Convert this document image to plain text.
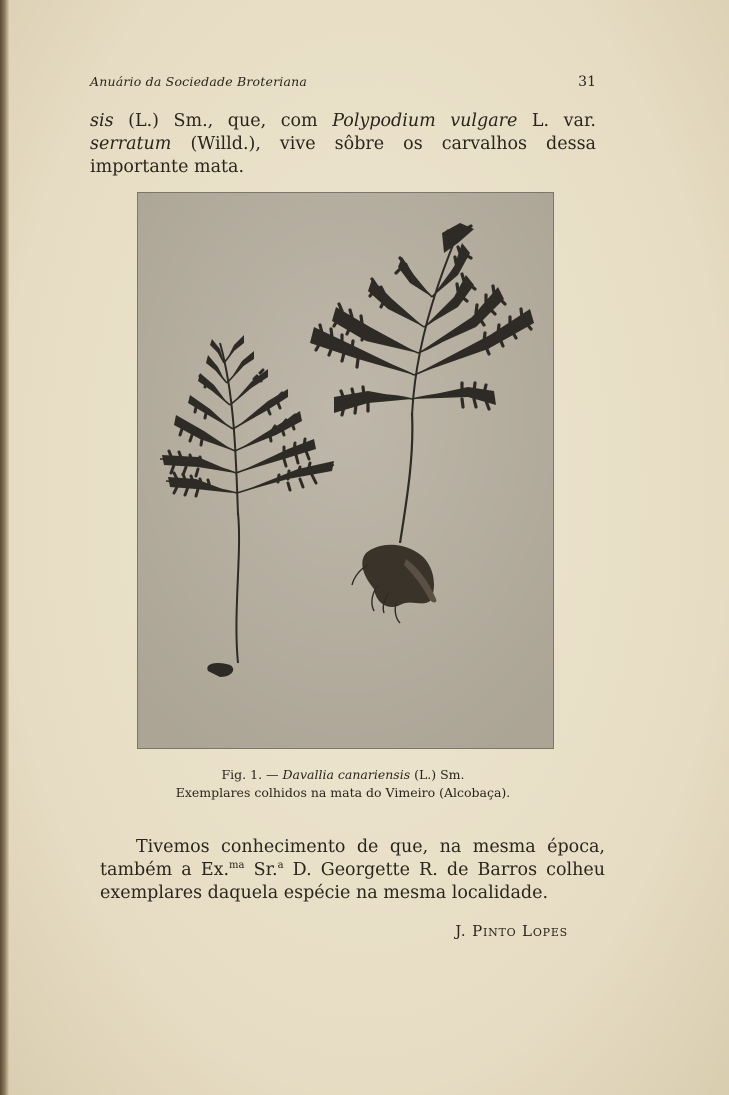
Anuário da Sociedade Broteriana	31
sis (L.) Sm., que, com Polypodium vulgare L. var. serratum (Willd.), vive sôbre os carvalhos dessa importante mata.
Fig. 1. — Davallia canariensis (L.) Sm.
Exemplares colhidos na mata do Vimeiro (Alcobaça).
Tivemos conhecimento de que, na mesma época, também a Ex.$^{ma}$ Sr.$^a$ D. Georgette R. de Barros colheu exemplares daquela espécie na mesma localidade.
J. Pinto Lopes
